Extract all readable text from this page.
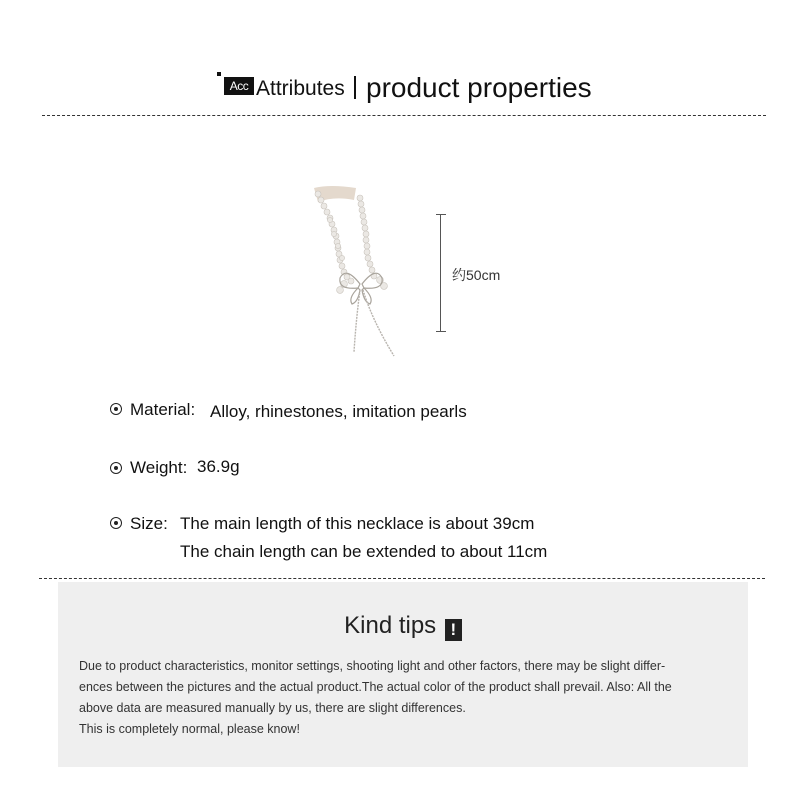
Acc Attributes product properties
约50cm
Material: Alloy, rhinestones, imitation pearls
Weight: 36.9g
Size: The main length of this necklace is about 39cm
The chain length can be extended to about 11cm
Kind tips !

Due to product characteristics, monitor settings, shooting light and other factors, there may be slight differ-

ences between the pictures and the actual product.The actual color of the product shall prevail. Also: All the

above data are measured manually by us, there are slight differences.

This is completely normal, please know!
